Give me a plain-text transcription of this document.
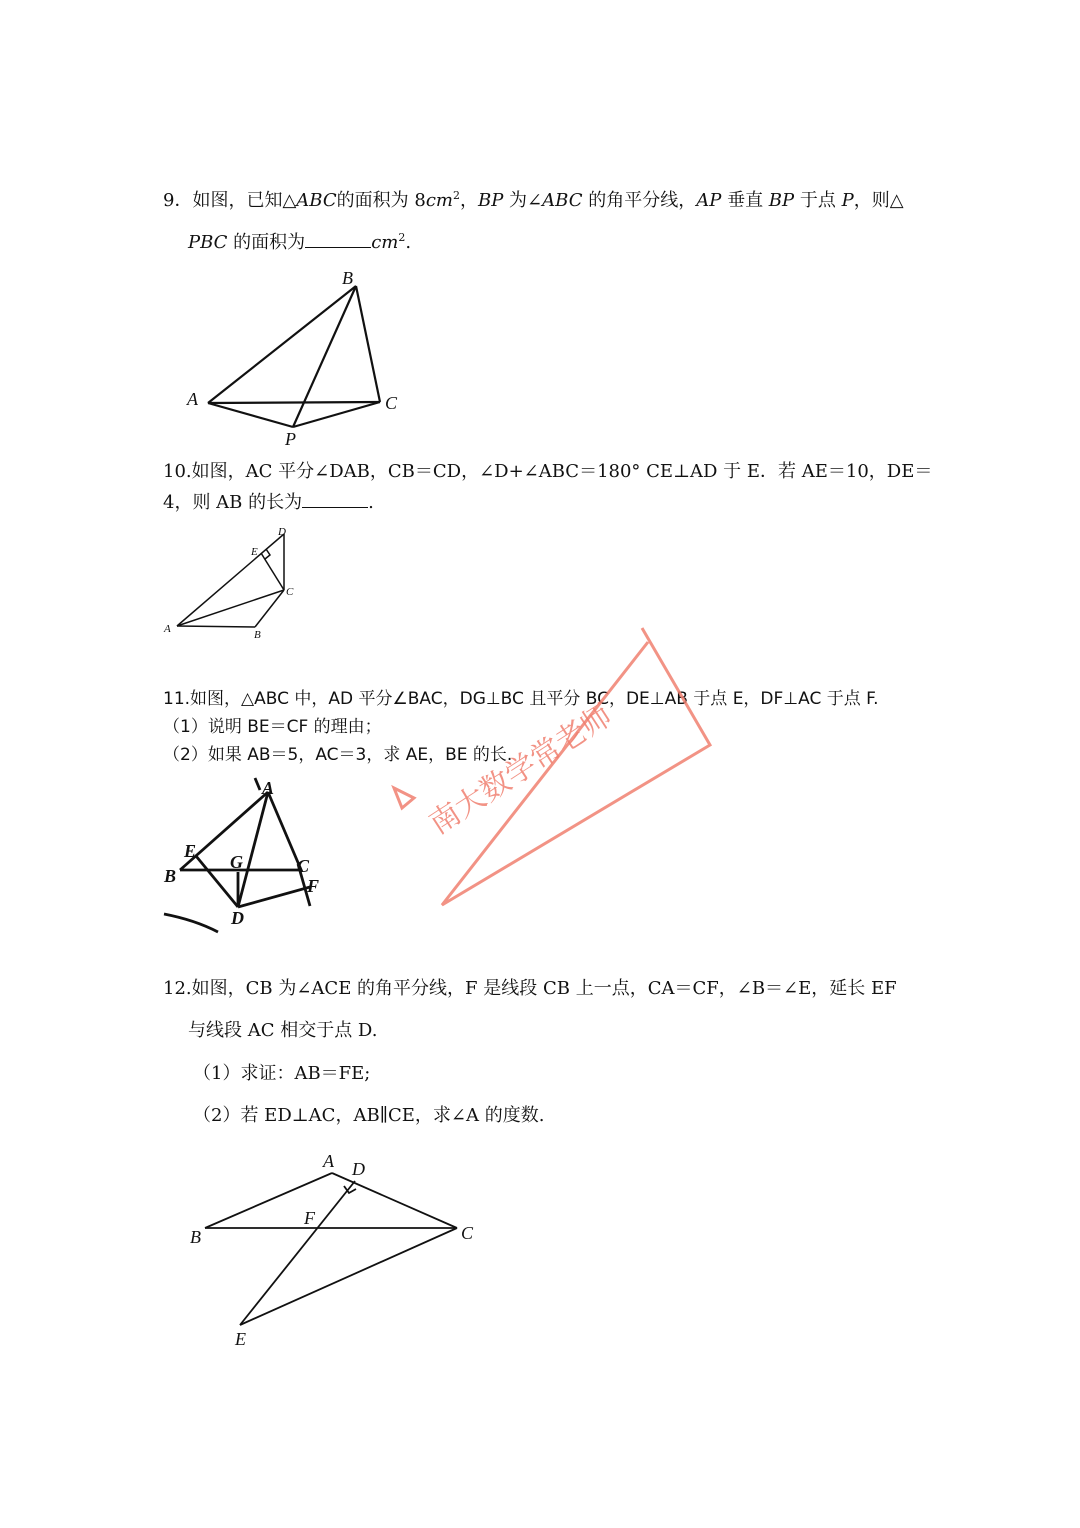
9．如图，已知△ABC的面积为 $8cm^2$，BP 为∠ABC 的角平分线，AP 垂直 BP 于点 P，则△
PBC 的面积为	$cm^2$.
B
A	C
P
10.如图，AC 平分∠DAB，CB＝CD，∠D+∠ABC＝180° CE⊥AD 于 E．若 AE＝10，DE＝
4，则 AB 的长为	.
D
E
C
A	B
11.如图，△ABC 中，AD 平分∠BAC，DG⊥BC 且平分 BC，DE⊥AB 于点 E，DF⊥AC 于点 F.
（1）说明 BE＝CF 的理由；
（2）如果 AB＝5，AC＝3，求 AE，BE 的长.
A
E
G	C
B	F
D
12.如图，CB 为∠ACE 的角平分线，F 是线段 CB 上一点，CA＝CF，∠B＝∠E，延长 EF
与线段 AC 相交于点 D.
（1）求证：AB＝FE;
（2）若 ED⊥AC，AB∥CE，求∠A 的度数.
A D
F
B	C
E
南大数学常老师
